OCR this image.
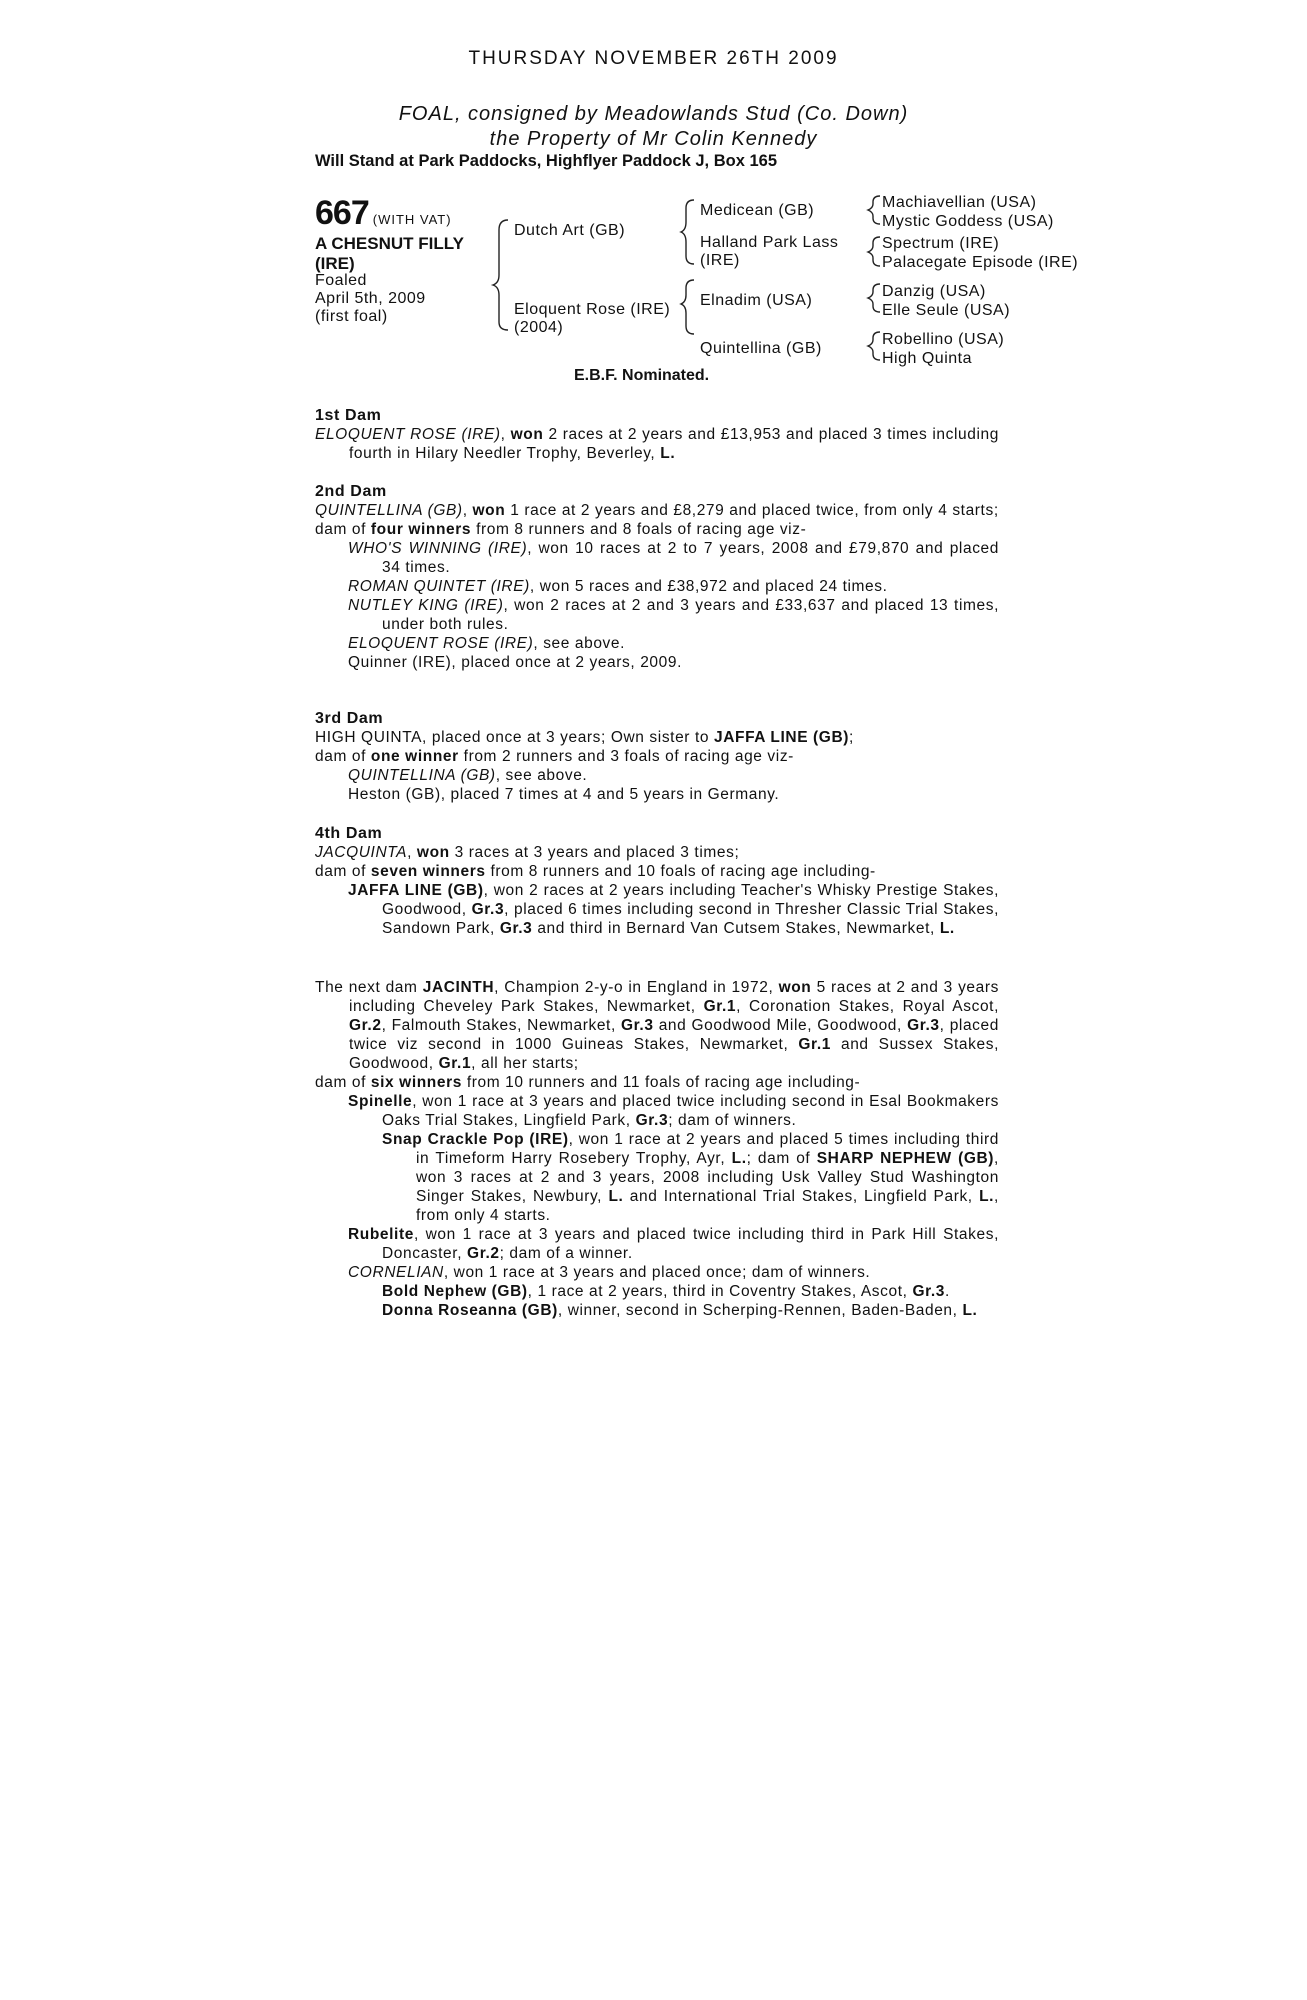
THURSDAY NOVEMBER 26TH 2009
FOAL, consigned by Meadowlands Stud (Co. Down)
the Property of Mr Colin Kennedy
Will Stand at Park Paddocks, Highflyer Paddock J, Box 165
667 (WITH VAT)
A CHESNUT FILLY
(IRE)
Foaled
April 5th, 2009
(first foal)
Dutch Art (GB)
Eloquent Rose (IRE)
(2004)
Medicean (GB)
Halland Park Lass
(IRE)
Elnadim (USA)
Quintellina (GB)
Machiavellian (USA)
Mystic Goddess (USA)
Spectrum (IRE)
Palacegate Episode (IRE)
Danzig (USA)
Elle Seule (USA)
Robellino (USA)
High Quinta
E.B.F. Nominated.
1st Dam

ELOQUENT ROSE (IRE), won 2 races at 2 years and £13,953 and placed 3 times including fourth in Hilary Needler Trophy, Beverley, L.

2nd Dam

QUINTELLINA (GB), won 1 race at 2 years and £8,279 and placed twice, from only 4 starts;

dam of four winners from 8 runners and 8 foals of racing age viz-

WHO'S WINNING (IRE), won 10 races at 2 to 7 years, 2008 and £79,870 and placed 34 times.

ROMAN QUINTET (IRE), won 5 races and £38,972 and placed 24 times.

NUTLEY KING (IRE), won 2 races at 2 and 3 years and £33,637 and placed 13 times, under both rules.

ELOQUENT ROSE (IRE), see above.

Quinner (IRE), placed once at 2 years, 2009.

3rd Dam

HIGH QUINTA, placed once at 3 years; Own sister to JAFFA LINE (GB);

dam of one winner from 2 runners and 3 foals of racing age viz-

QUINTELLINA (GB), see above.

Heston (GB), placed 7 times at 4 and 5 years in Germany.

4th Dam

JACQUINTA, won 3 races at 3 years and placed 3 times;

dam of seven winners from 8 runners and 10 foals of racing age including-

JAFFA LINE (GB), won 2 races at 2 years including Teacher's Whisky Prestige Stakes, Goodwood, Gr.3, placed 6 times including second in Thresher Classic Trial Stakes, Sandown Park, Gr.3 and third in Bernard Van Cutsem Stakes, Newmarket, L.

The next dam JACINTH, Champion 2-y-o in England in 1972, won 5 races at 2 and 3 years including Cheveley Park Stakes, Newmarket, Gr.1, Coronation Stakes, Royal Ascot, Gr.2, Falmouth Stakes, Newmarket, Gr.3 and Goodwood Mile, Goodwood, Gr.3, placed twice viz second in 1000 Guineas Stakes, Newmarket, Gr.1 and Sussex Stakes, Goodwood, Gr.1, all her starts;

dam of six winners from 10 runners and 11 foals of racing age including-

Spinelle, won 1 race at 3 years and placed twice including second in Esal Bookmakers Oaks Trial Stakes, Lingfield Park, Gr.3; dam of winners.

Snap Crackle Pop (IRE), won 1 race at 2 years and placed 5 times including third in Timeform Harry Rosebery Trophy, Ayr, L.; dam of SHARP NEPHEW (GB), won 3 races at 2 and 3 years, 2008 including Usk Valley Stud Washington Singer Stakes, Newbury, L. and International Trial Stakes, Lingfield Park, L., from only 4 starts.

Rubelite, won 1 race at 3 years and placed twice including third in Park Hill Stakes, Doncaster, Gr.2; dam of a winner.

CORNELIAN, won 1 race at 3 years and placed once; dam of winners.

Bold Nephew (GB), 1 race at 2 years, third in Coventry Stakes, Ascot, Gr.3.

Donna Roseanna (GB), winner, second in Scherping-Rennen, Baden-Baden, L.
